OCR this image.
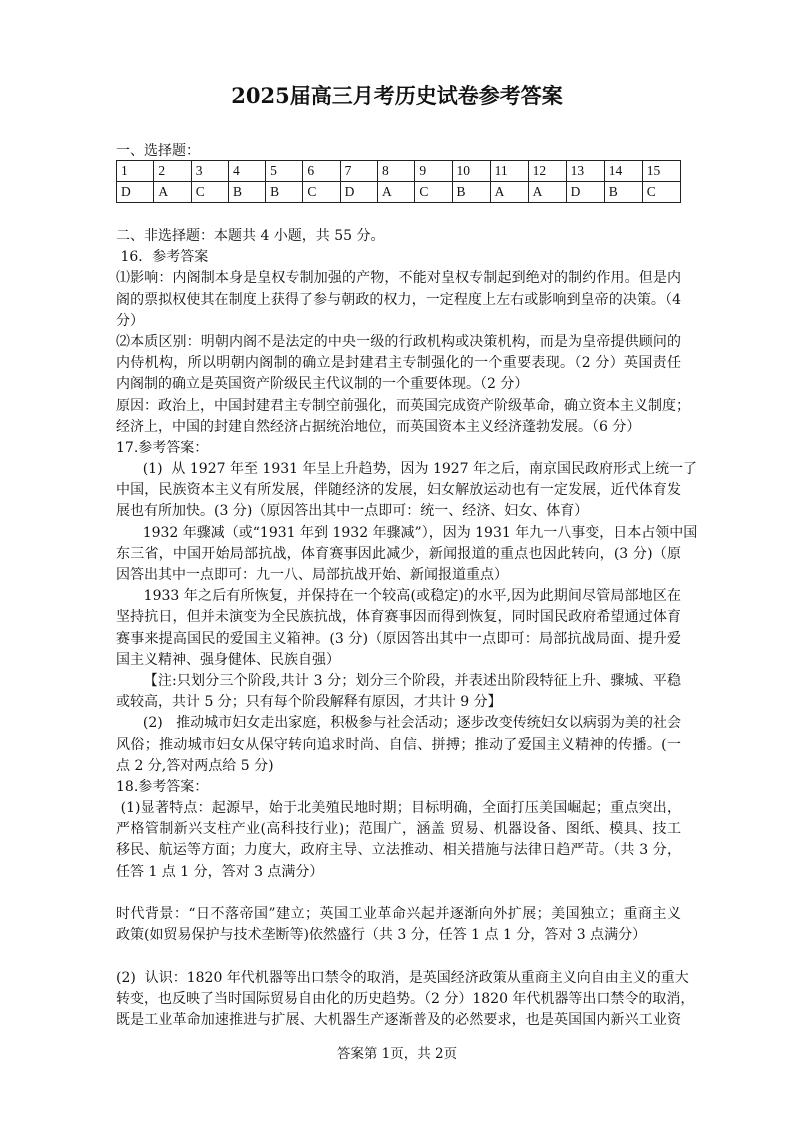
2025届高三月考历史试卷参考答案
一、选择题：
1	2	3	4	5	6	7	8	9	10	11	12	13	14	15
D	A	C	B	B	C	D	A	C	B	A	A	D	B	C
二、非选择题：本题共 4 小题，共 55 分。
16．参考答案
⑴影响：内阁制本身是皇权专制加强的产物，不能对皇权专制起到绝对的制约作用。但是内
阁的票拟权使其在制度上获得了参与朝政的权力，一定程度上左右或影响到皇帝的决策。（4
分）
⑵本质区别：明朝内阁不是法定的中央一级的行政机构或决策机构，而是为皇帝提供顾问的
内侍机构，所以明朝内阁制的确立是封建君主专制强化的一个重要表现。（2 分）英国责任
内阁制的确立是英国资产阶级民主代议制的一个重要体现。（2 分）
原因：政治上，中国封建君主专制空前强化，而英国完成资产阶级革命，确立资本主义制度；
经济上，中国的封建自然经济占据统治地位，而英国资本主义经济蓬勃发展。（6 分）
17.参考答案：
(1)  从 1927 年至 1931 年呈上升趋势，因为 1927 年之后，南京国民政府形式上统一了
中国，民族资本主义有所发展，伴随经济的发展，妇女解放运动也有一定发展，近代体育发
展也有所加快。(3 分)（原因答出其中一点即可：统一、经济、妇女、体育）
1932 年骤减（或“1931 年到 1932 年骤减”），因为 1931 年九一八事变，日本占领中国
东三省，中国开始局部抗战，体育赛事因此减少，新闻报道的重点也因此转向，(3 分)（原
因答出其中一点即可：九一八、局部抗战开始、新闻报道重点）
1933 年之后有所恢复，并保持在一个较高(或稳定)的水平,因为此期间尽管局部地区在
坚持抗日，但并未演变为全民族抗战，体育赛事因而得到恢复，同时国民政府希望通过体育
赛事来提高国民的爱国主义箱神。(3 分)（原因答出其中一点即可：局部抗战局面、提升爱
国主义精神、强身健体、民族自强）
【注:只划分三个阶段,共计 3 分；划分三个阶段，并表述出阶段特征上升、骤城、平稳
或较高，共计 5 分；只有每个阶段解释有原因，才共计 9 分】
(2)   推动城市妇女走出家庭，积极参与社会活动；逐步改变传统妇女以病弱为美的社会
风俗；推动城市妇女从保守转向追求时尚、自信、拼搏；推动了爱国主义精神的传播。(一
点 2 分,答对两点给 5 分)
18.参考答案：
(1)显著特点：起源早，始于北美殖民地时期；目标明确，全面打压美国崛起；重点突出，
严格管制新兴支柱产业(高科技行业)；范围广，涵盖 贸易、机器设备、图纸、模具、技工
移民、航运等方面；力度大，政府主导、立法推动、相关措施与法律日趋严苛。（共 3 分，
任答 1 点 1 分，答对 3 点满分）
时代背景：“日不落帝国”建立；英国工业革命兴起并逐渐向外扩展；美国独立；重商主义
政策(如贸易保护与技术垄断等)依然盛行（共 3 分，任答 1 点 1 分，答对 3 点满分）
(2)  认识：1820 年代机器等出口禁令的取消，是英国经济政策从重商主义向自由主义的重大
转变，也反映了当时国际贸易自由化的历史趋势。（2 分）1820 年代机器等出口禁令的取消，
既是工业革命加速推进与扩展、大机器生产逐渐普及的必然要求，也是英国国内新兴工业资
答案第 1页，共 2页
